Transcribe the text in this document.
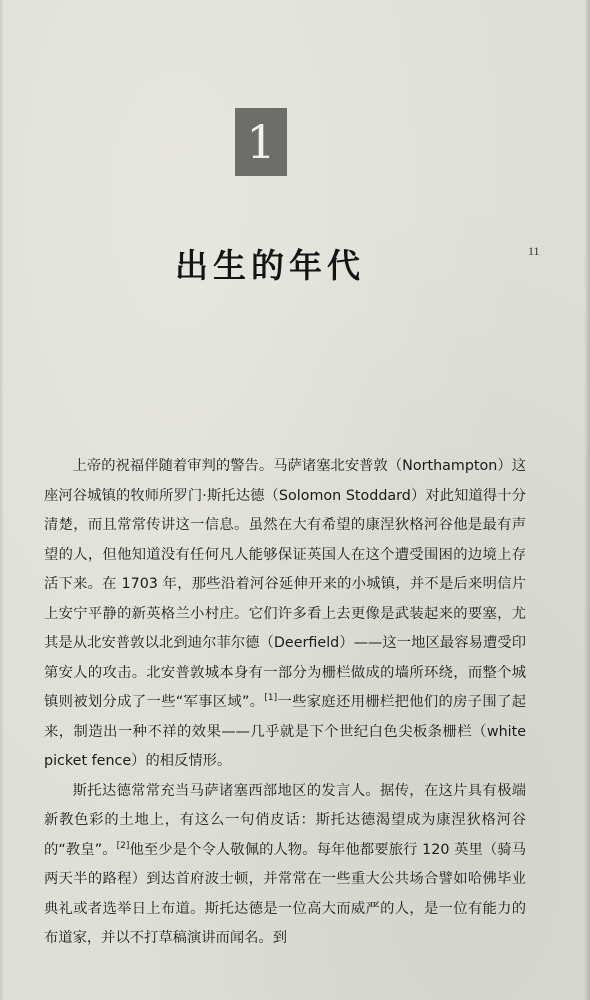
1
11
出生的年代

上帝的祝福伴随着审判的警告。马萨诸塞北安普敦（Northampton）这座河谷城镇的牧师所罗门·斯托达德（Solomon Stoddard）对此知道得十分清楚，而且常常传讲这一信息。虽然在大有希望的康涅狄格河谷他是最有声望的人，但他知道没有任何凡人能够保证英国人在这个遭受围困的边境上存活下来。在 1703 年，那些沿着河谷延伸开来的小城镇，并不是后来明信片上安宁平静的新英格兰小村庄。它们许多看上去更像是武装起来的要塞，尤其是从北安普敦以北到迪尔菲尔德（Deerfield）——这一地区最容易遭受印第安人的攻击。北安普敦城本身有一部分为栅栏做成的墙所环绕，而整个城镇则被划分成了一些“军事区域”。[1]一些家庭还用栅栏把他们的房子围了起来，制造出一种不祥的效果——几乎就是下个世纪白色尖板条栅栏（white picket fence）的相反情形。

斯托达德常常充当马萨诸塞西部地区的发言人。据传，在这片具有极端新教色彩的土地上，有这么一句俏皮话：斯托达德渴望成为康涅狄格河谷的“教皇”。[2]他至少是个令人敬佩的人物。每年他都要旅行 120 英里（骑马两天半的路程）到达首府波士顿，并常常在一些重大公共场合譬如哈佛毕业典礼或者选举日上布道。斯托达德是一位高大而威严的人，是一位有能力的布道家，并以不打草稿演讲而闻名。到
